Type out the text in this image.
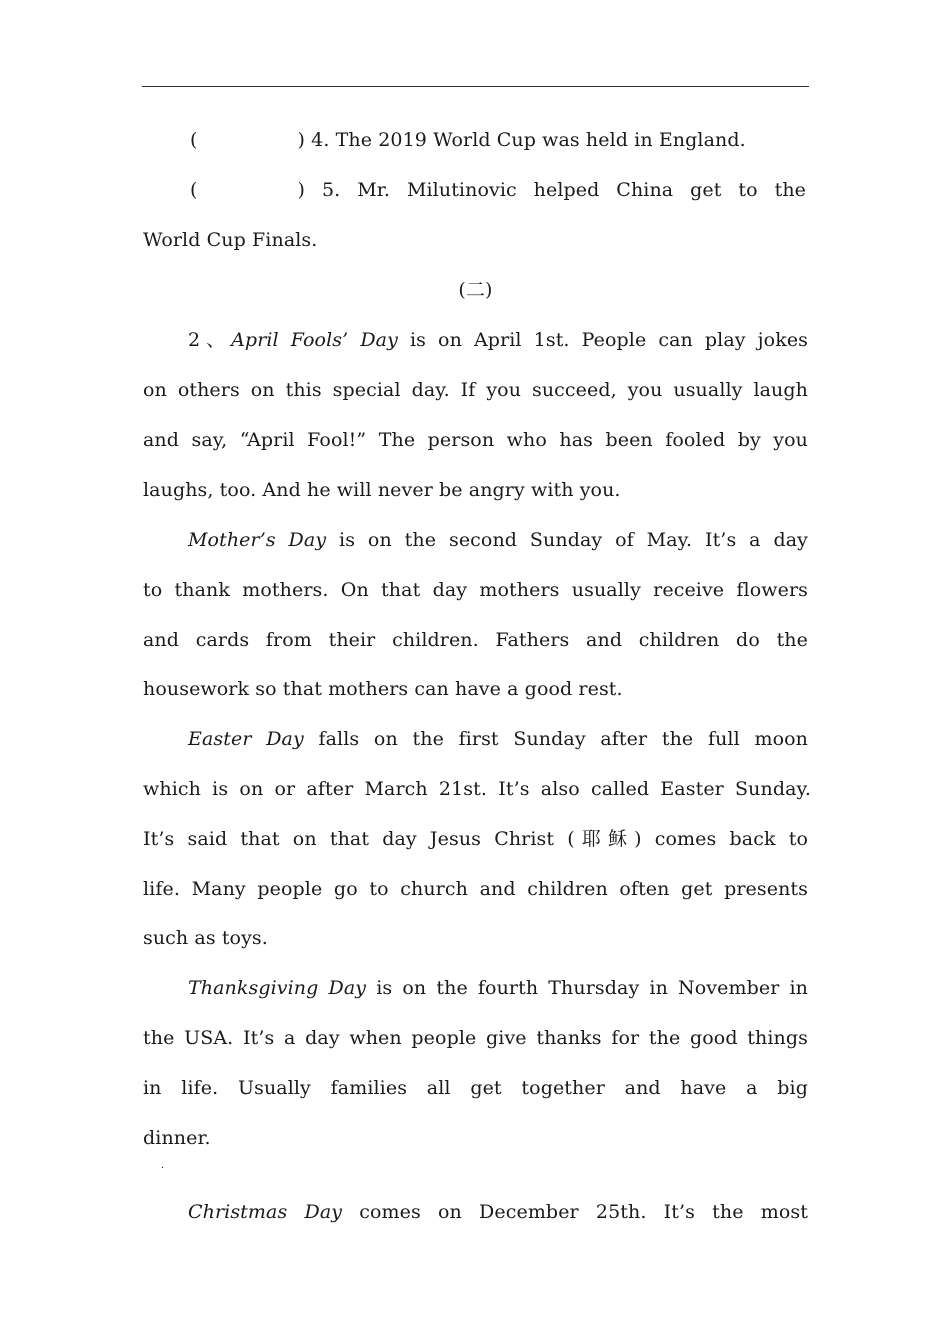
(	) 4. The 2019 World Cup was held in England.
(	) 5. Mr. Milutinovic helped China get to the
World Cup Finals.
(二)
2、April Fools’ Day is on April 1st. People can play jokes
on others on this special day. If you succeed, you usually laugh
and say, “April Fool!” The person who has been fooled by you
laughs, too. And he will never be angry with you.
Mother’s Day is on the second Sunday of May. It’s a day
to thank mothers. On that day mothers usually receive flowers
and cards from their children. Fathers and children do the
housework so that mothers can have a good rest.
Easter Day falls on the first Sunday after the full moon
which is on or after March 21st. It’s also called Easter Sunday.
It’s said that on that day Jesus Christ (耶稣) comes back to
life. Many people go to church and children often get presents
such as toys.
Thanksgiving Day is on the fourth Thursday in November in
the USA. It’s a day when people give thanks for the good things
in life. Usually families all get together and have a big
dinner.
·
Christmas Day comes on December 25th. It’s the most
